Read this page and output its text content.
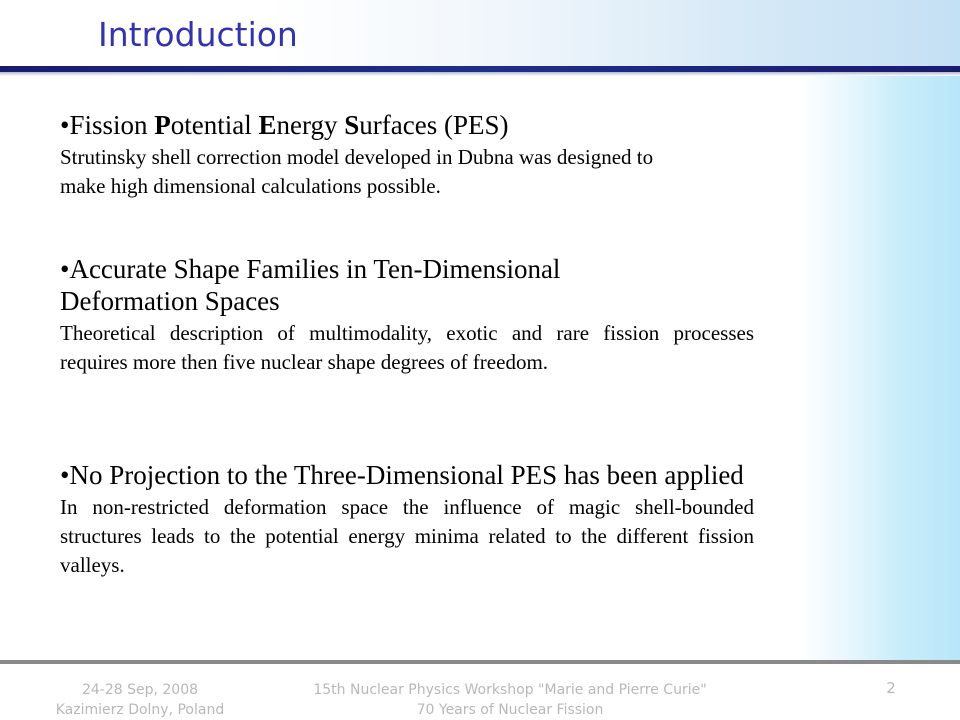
Introduction

•Fission Potential Energy Surfaces (PES)

Strutinsky shell correction model developed in Dubna was designed to make high dimensional calculations possible.

•Accurate Shape Families in Ten-Dimensional Deformation Spaces

Theoretical description of multimodality, exotic and rare fission processes requires more then five nuclear shape degrees of freedom.

•No Projection to the Three-Dimensional PES has been applied

In non-restricted deformation space the influence of magic shell-bounded structures leads to the potential energy minima related to the different fission valleys.

24-28 Sep, 2008
Kazimierz Dolny, Poland
15th Nuclear Physics Workshop "Marie and Pierre Curie"
70 Years of Nuclear Fission
2
